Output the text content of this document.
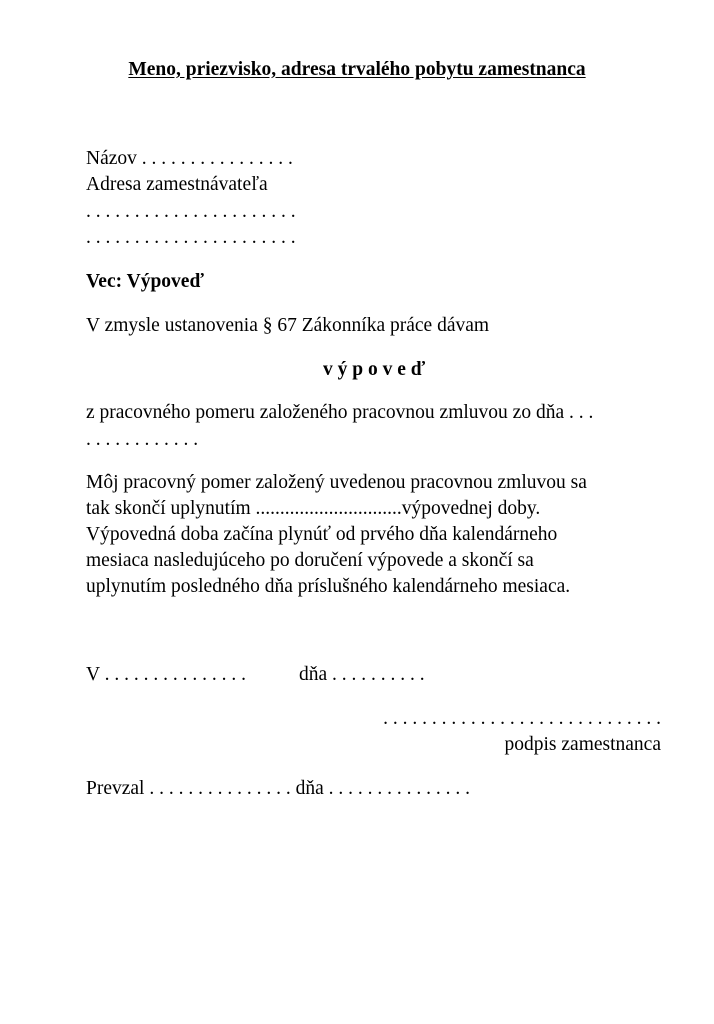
Meno, priezvisko, adresa trvalého pobytu zamestnanca

Názov . . . . . . . . . . . . . . . .

Adresa zamestnávateľa

. . . . . . . . . . . . . . . . . . . . . .

. . . . . . . . . . . . . . . . . . . . . .

Vec: Výpoveď

V zmysle ustanovenia § 67 Zákonníka práce dávam

v ý p o v e ď

z pracovného pomeru založeného pracovnou zmluvou zo dňa . . .

. . . . . . . . . . . .

Môj pracovný pomer založený uvedenou pracovnou zmluvou sa

tak skončí uplynutím ..............................výpovednej doby.

Výpovedná doba začína plynúť od prvého dňa kalendárneho

mesiaca nasledujúceho po doručení výpovede a skončí sa

uplynutím posledného dňa príslušného kalendárneho mesiaca.

V . . . . . . . . . . . . . . .	dňa . . . . . . . . . .

. . . . . . . . . . . . . . . . . . . . . . . . . . . . .

podpis zamestnanca

Prevzal . . . . . . . . . . . . . . . dňa . . . . . . . . . . . . . . .
